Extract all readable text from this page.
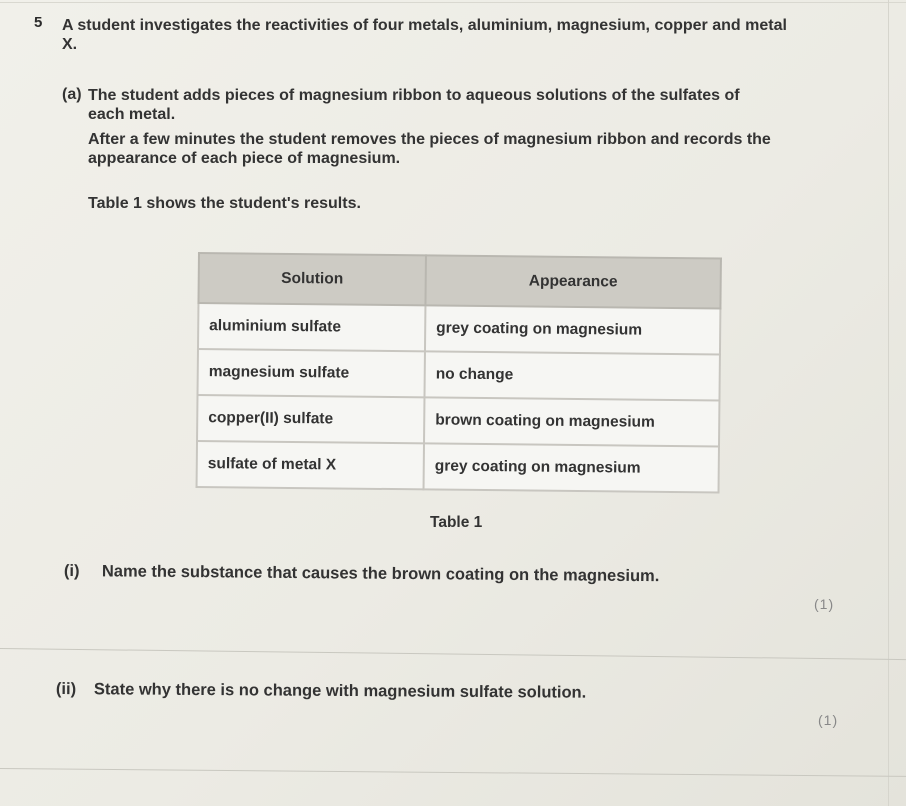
5 A student investigates the reactivities of four metals, aluminium, magnesium, copper and metal X.
(a) The student adds pieces of magnesium ribbon to aqueous solutions of the sulfates of each metal.
After a few minutes the student removes the pieces of magnesium ribbon and records the appearance of each piece of magnesium.
Table 1 shows the student's results.
Solution	Appearance
aluminium sulfate	grey coating on magnesium
magnesium sulfate	no change
copper(II) sulfate	brown coating on magnesium
sulfate of metal X	grey coating on magnesium
Table 1
(i) Name the substance that causes the brown coating on the magnesium.
(1)
(ii) State why there is no change with magnesium sulfate solution.
(1)
